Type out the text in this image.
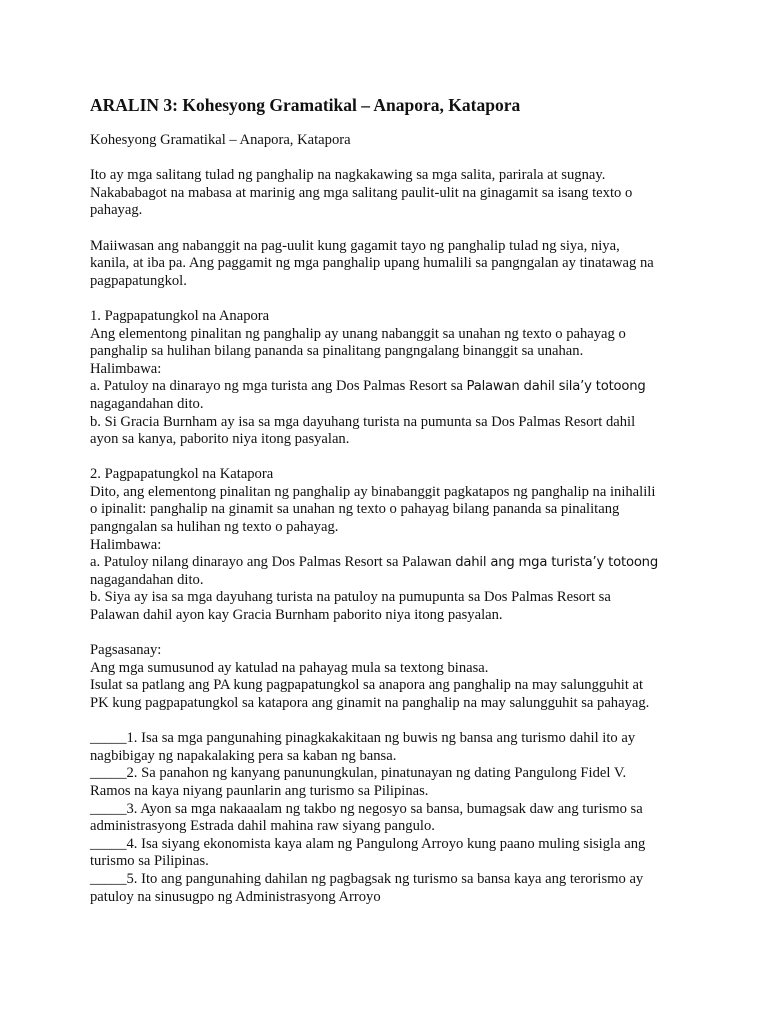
ARALIN 3: Kohesyong Gramatikal – Anapora, Katapora
Kohesyong Gramatikal – Anapora, Katapora
Ito ay mga salitang tulad ng panghalip na nagkakawing sa mga salita, parirala at sugnay.
Nakababagot na mabasa at marinig ang mga salitang paulit-ulit na ginagamit sa isang texto o
pahayag.
Maiiwasan ang nabanggit na pag-uulit kung gagamit tayo ng panghalip tulad ng siya, niya,
kanila, at iba pa. Ang paggamit ng mga panghalip upang humalili sa pangngalan ay tinatawag na
pagpapatungkol.
1. Pagpapatungkol na Anapora
Ang elementong pinalitan ng panghalip ay unang nabanggit sa unahan ng texto o pahayag o
panghalip sa hulihan bilang pananda sa pinalitang pangngalang binanggit sa unahan.
Halimbawa:
a. Patuloy na dinarayo ng mga turista ang Dos Palmas Resort sa Palawan dahil sila’y totoong
nagagandahan dito.
b. Si Gracia Burnham ay isa sa mga dayuhang turista na pumunta sa Dos Palmas Resort dahil
ayon sa kanya, paborito niya itong pasyalan.
2. Pagpapatungkol na Katapora
Dito, ang elementong pinalitan ng panghalip ay binabanggit pagkatapos ng panghalip na inihalili
o ipinalit: panghalip na ginamit sa unahan ng texto o pahayag bilang pananda sa pinalitang
pangngalan sa hulihan ng texto o pahayag.
Halimbawa:
a. Patuloy nilang dinarayo ang Dos Palmas Resort sa Palawan dahil ang mga turista’y totoong
nagagandahan dito.
b. Siya ay isa sa mga dayuhang turista na patuloy na pumupunta sa Dos Palmas Resort sa
Palawan dahil ayon kay Gracia Burnham paborito niya itong pasyalan.
Pagsasanay:
Ang mga sumusunod ay katulad na pahayag mula sa textong binasa.
Isulat sa patlang ang PA kung pagpapatungkol sa anapora ang panghalip na may salungguhit at
PK kung pagpapatungkol sa katapora ang ginamit na panghalip na may salungguhit sa pahayag.
_____1. Isa sa mga pangunahing pinagkakakitaan ng buwis ng bansa ang turismo dahil ito ay
nagbibigay ng napakalaking pera sa kaban ng bansa.
_____2. Sa panahon ng kanyang panunungkulan, pinatunayan ng dating Pangulong Fidel V.
Ramos na kaya niyang paunlarin ang turismo sa Pilipinas.
_____3. Ayon sa mga nakaaalam ng takbo ng negosyo sa bansa, bumagsak daw ang turismo sa
administrasyong Estrada dahil mahina raw siyang pangulo.
_____4. Isa siyang ekonomista kaya alam ng Pangulong Arroyo kung paano muling sisigla ang
turismo sa Pilipinas.
_____5. Ito ang pangunahing dahilan ng pagbagsak ng turismo sa bansa kaya ang terorismo ay
patuloy na sinusugpo ng Administrasyong Arroyo
